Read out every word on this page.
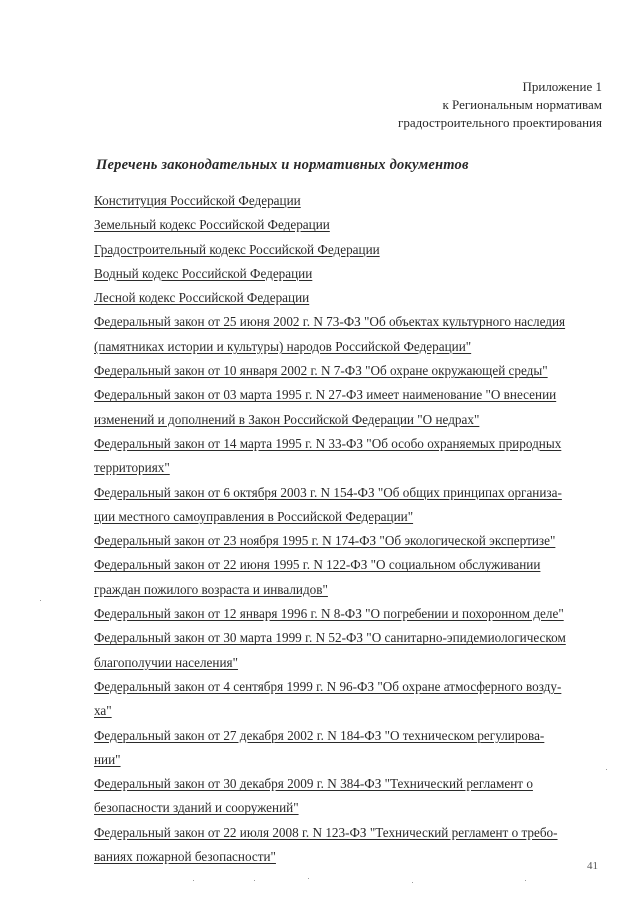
Приложение 1
к Региональным нормативам
градостроительного проектирования
Перечень законодательных и нормативных документов
Конституция Российской Федерации
Земельный кодекс Российской Федерации
Градостроительный кодекс Российской Федерации
Водный кодекс Российской Федерации
Лесной кодекс Российской Федерации
Федеральный закон от 25 июня 2002 г. N 73-ФЗ "Об объектах культурного наследия
(памятниках истории и культуры) народов Российской Федерации"
Федеральный закон от 10 января 2002 г. N 7-ФЗ "Об охране окружающей среды"
Федеральный закон от 03 марта 1995 г. N 27-ФЗ имеет наименование "О внесении
изменений и дополнений в Закон Российской Федерации "О недрах"
Федеральный закон от 14 марта 1995 г. N 33-ФЗ "Об особо охраняемых природных
территориях"
Федеральный закон от 6 октября 2003 г. N 154-ФЗ "Об общих принципах организа-
ции местного самоуправления в Российской Федерации"
Федеральный закон от 23 ноября 1995 г. N 174-ФЗ "Об экологической экспертизе"
Федеральный закон от 22 июня 1995 г. N 122-ФЗ "О социальном обслуживании
граждан пожилого возраста и инвалидов"
Федеральный закон от 12 января 1996 г. N 8-ФЗ "О погребении и похоронном деле"
Федеральный закон от 30 марта 1999 г. N 52-ФЗ "О санитарно-эпидемиологическом
благополучии населения"
Федеральный закон от 4 сентября 1999 г. N 96-ФЗ "Об охране атмосферного возду-
ха"
Федеральный закон от 27 декабря 2002 г. N 184-ФЗ "О техническом регулирова-
нии"
Федеральный закон от 30 декабря 2009 г. N 384-ФЗ "Технический регламент о
безопасности зданий и сооружений"
Федеральный закон от 22 июля 2008 г. N 123-ФЗ "Технический регламент о требо-
ваниях пожарной безопасности"
41
